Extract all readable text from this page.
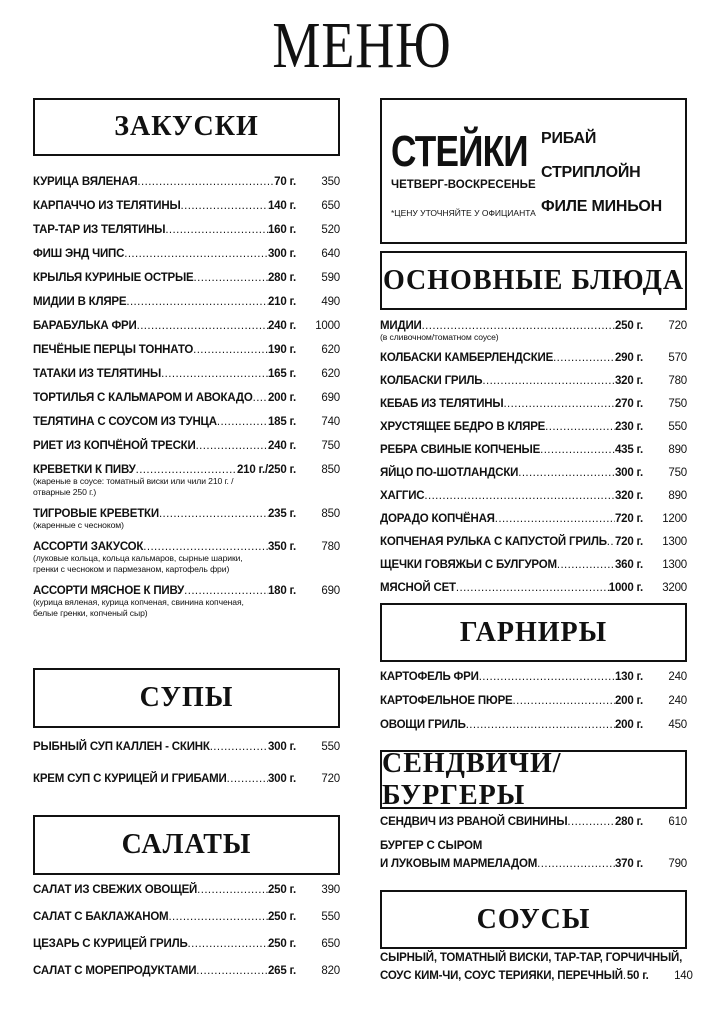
МЕНЮ
ЗАКУСКИ
КУРИЦА ВЯЛЕНАЯ .....	70 г.	350
КАРПАЧЧО ИЗ ТЕЛЯТИНЫ .....	140 г.	650
ТАР-ТАР ИЗ ТЕЛЯТИНЫ .....	160 г.	520
ФИШ ЭНД ЧИПС .....	300 г.	640
КРЫЛЬЯ КУРИНЫЕ ОСТРЫЕ .....	280 г.	590
МИДИИ В КЛЯРЕ .....	210 г.	490
БАРАБУЛЬКА ФРИ .....	240 г.	1000
ПЕЧЁНЫЕ ПЕРЦЫ ТОННАТО .....	190 г.	620
ТАТАКИ ИЗ ТЕЛЯТИНЫ .....	165 г.	620
ТОРТИЛЬЯ С КАЛЬМАРОМ И АВОКАДО ..... 200 г.	690
ТЕЛЯТИНА С СОУСОМ ИЗ ТУНЦА .....	185 г.	740
РИЕТ ИЗ КОПЧЁНОЙ ТРЕСКИ .....	240 г.	750
КРЕВЕТКИ К ПИВУ .....	210 г./250 г.	850
(жареные в соусе: томатный виски или чили 210 г. /
отварные 250 г.)
ТИГРОВЫЕ КРЕВЕТКИ .....	235 г.	850
(жаренные с чесноком)
АССОРТИ ЗАКУСОК .....	350 г.	780
(луковые кольца, кольца кальмаров, сырные шарики,
гренки с чесноком и пармезаном, картофель фри)
АССОРТИ МЯСНОЕ К ПИВУ .....	180 г.	690
(курица вяленая, курица копченая, свинина копченая,
белые гренки, копченый сыр)
СУПЫ
РЫБНЫЙ СУП КАЛЛЕН - СКИНК .....	300 г.	550
КРЕМ СУП С КУРИЦЕЙ И ГРИБАМИ .....	300 г.	720
САЛАТЫ
САЛАТ ИЗ СВЕЖИХ ОВОЩЕЙ .....	250 г.	390
САЛАТ С БАКЛАЖАНОМ .....	250 г.	550
ЦЕЗАРЬ С КУРИЦЕЙ ГРИЛЬ .....	250 г.	650
САЛАТ С МОРЕПРОДУКТАМИ .....	265 г.	820
СТЕЙКИ
ЧЕТВЕРГ-ВОСКРЕСЕНЬЕ
*ЦЕНУ УТОЧНЯЙТЕ У ОФИЦИАНТА
РИБАЙ
СТРИПЛОЙН
ФИЛЕ МИНЬОН
ОСНОВНЫЕ БЛЮДА
МИДИИ .....	250 г.	720
(в сливочном/томатном соусе)
КОЛБАСКИ КАМБЕРЛЕНДСКИЕ .....	290 г.	570
КОЛБАСКИ ГРИЛЬ .....	320 г.	780
КЕБАБ ИЗ ТЕЛЯТИНЫ .....	270 г.	750
ХРУСТЯЩЕЕ БЕДРО В КЛЯРЕ .....	230 г.	550
РЕБРА СВИНЫЕ КОПЧЕНЫЕ .....	435 г.	890
ЯЙЦО ПО-ШОТЛАНДСКИ .....	300 г.	750
ХАГГИС .....	320 г.	890
ДОРАДО КОПЧЁНАЯ .....	720 г.	1200
КОПЧЕНАЯ РУЛЬКА С КАПУСТОЙ ГРИЛЬ ..... 720 г.	1300
ЩЕЧКИ ГОВЯЖЬИ С БУЛГУРОМ .....	360 г.	1300
МЯСНОЙ СЕТ .....	1000 г.	3200
ГАРНИРЫ
КАРТОФЕЛЬ ФРИ .....	130 г.	240
КАРТОФЕЛЬНОЕ ПЮРЕ .....	200 г.	240
ОВОЩИ ГРИЛЬ .....	200 г.	450
СЕНДВИЧИ/БУРГЕРЫ
СЕНДВИЧ ИЗ РВАНОЙ СВИНИНЫ .....	280 г.	610
БУРГЕР С СЫРОМ
И ЛУКОВЫМ МАРМЕЛАДОМ .....	370 г.	790
СОУСЫ
СЫРНЫЙ, ТОМАТНЫЙ ВИСКИ, ТАР-ТАР, ГОРЧИЧНЫЙ,
СОУС КИМ-ЧИ, СОУС ТЕРИЯКИ, ПЕРЕЧНЫЙ ..... 50 г.	140
